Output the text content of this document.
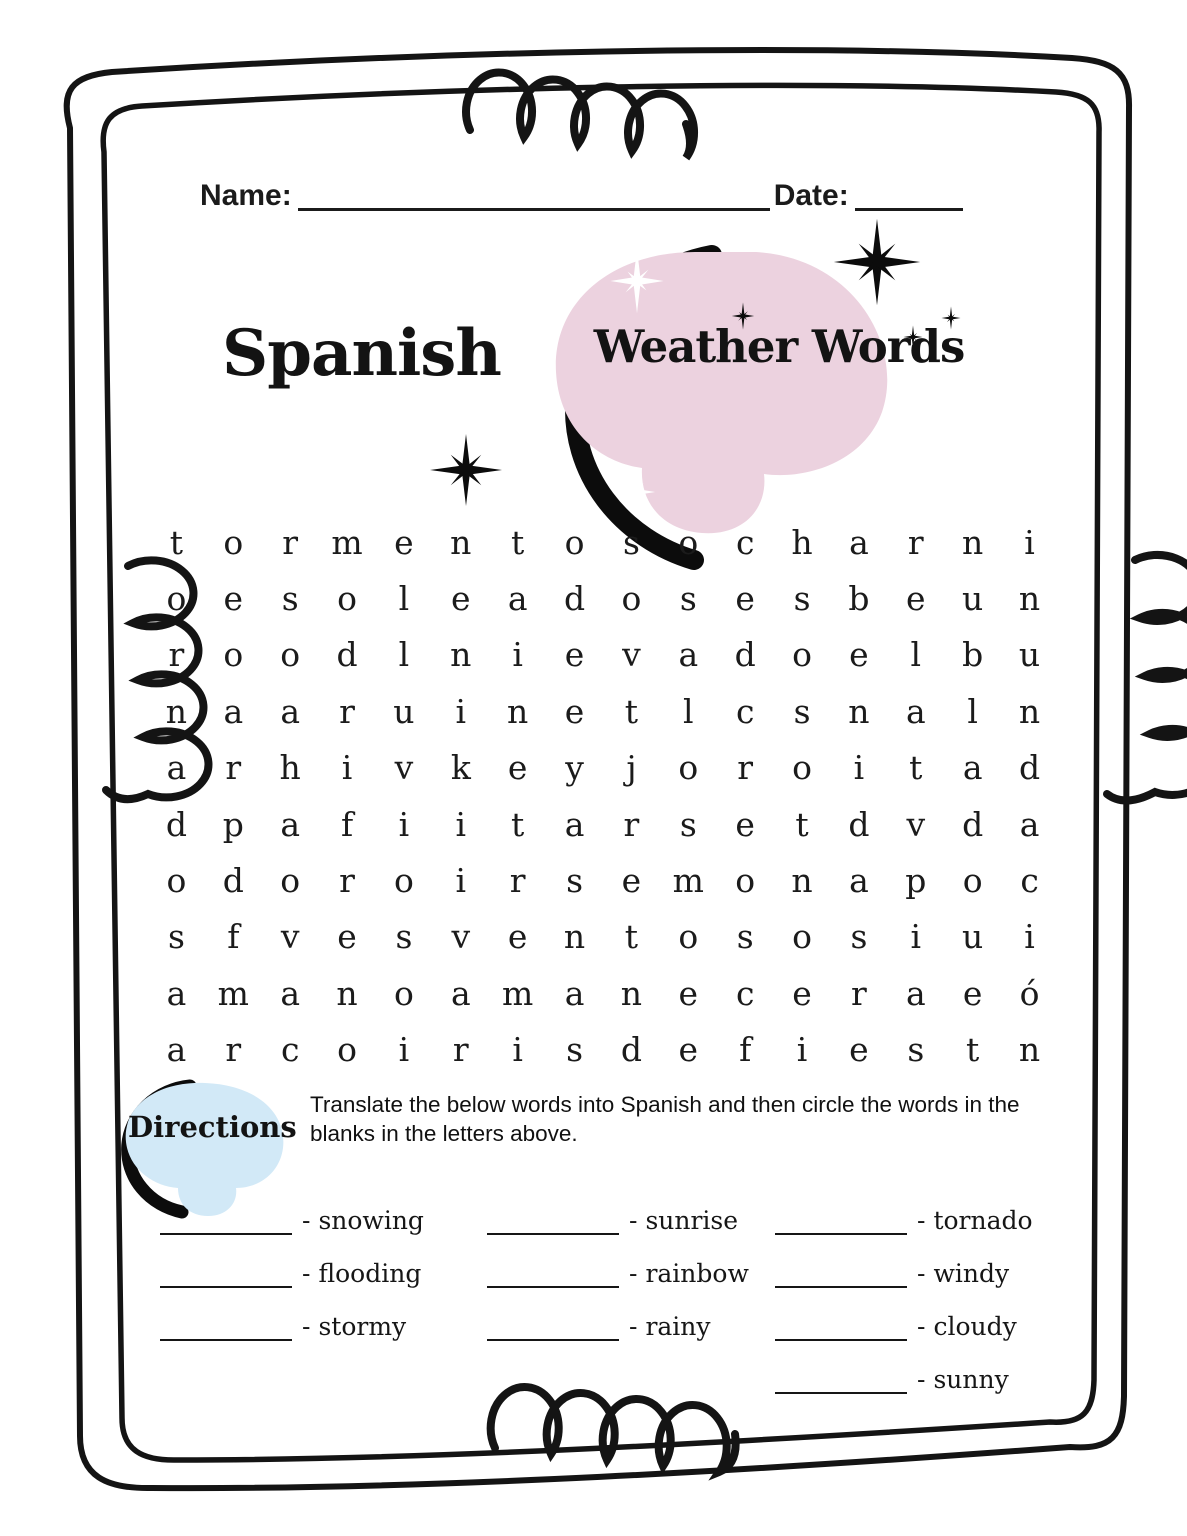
Name:	Date:
Spanish Weather Words
t o r m e n t o s o c h a r n i
o e s o l e a d o s e s b e u n
r o o d l n i e v a d o e l b u
n a a r u i n e t l c s n a l n
a r h i v k e y j o r o i t a d
d p a f i i t a r s e t d v d a
o d o r o i r s e m o n a p o c
s f v e s v e n t o s o s i u i
a m a n o a m a n e c e r a e ó
a r c o i r i s d e f i e s t n
Directions
Translate the below words into Spanish and then circle the words in the blanks in the letters above.
- snowing
- flooding
- stormy
- sunrise
- rainbow
- rainy
- tornado
- windy
- cloudy
- sunny
